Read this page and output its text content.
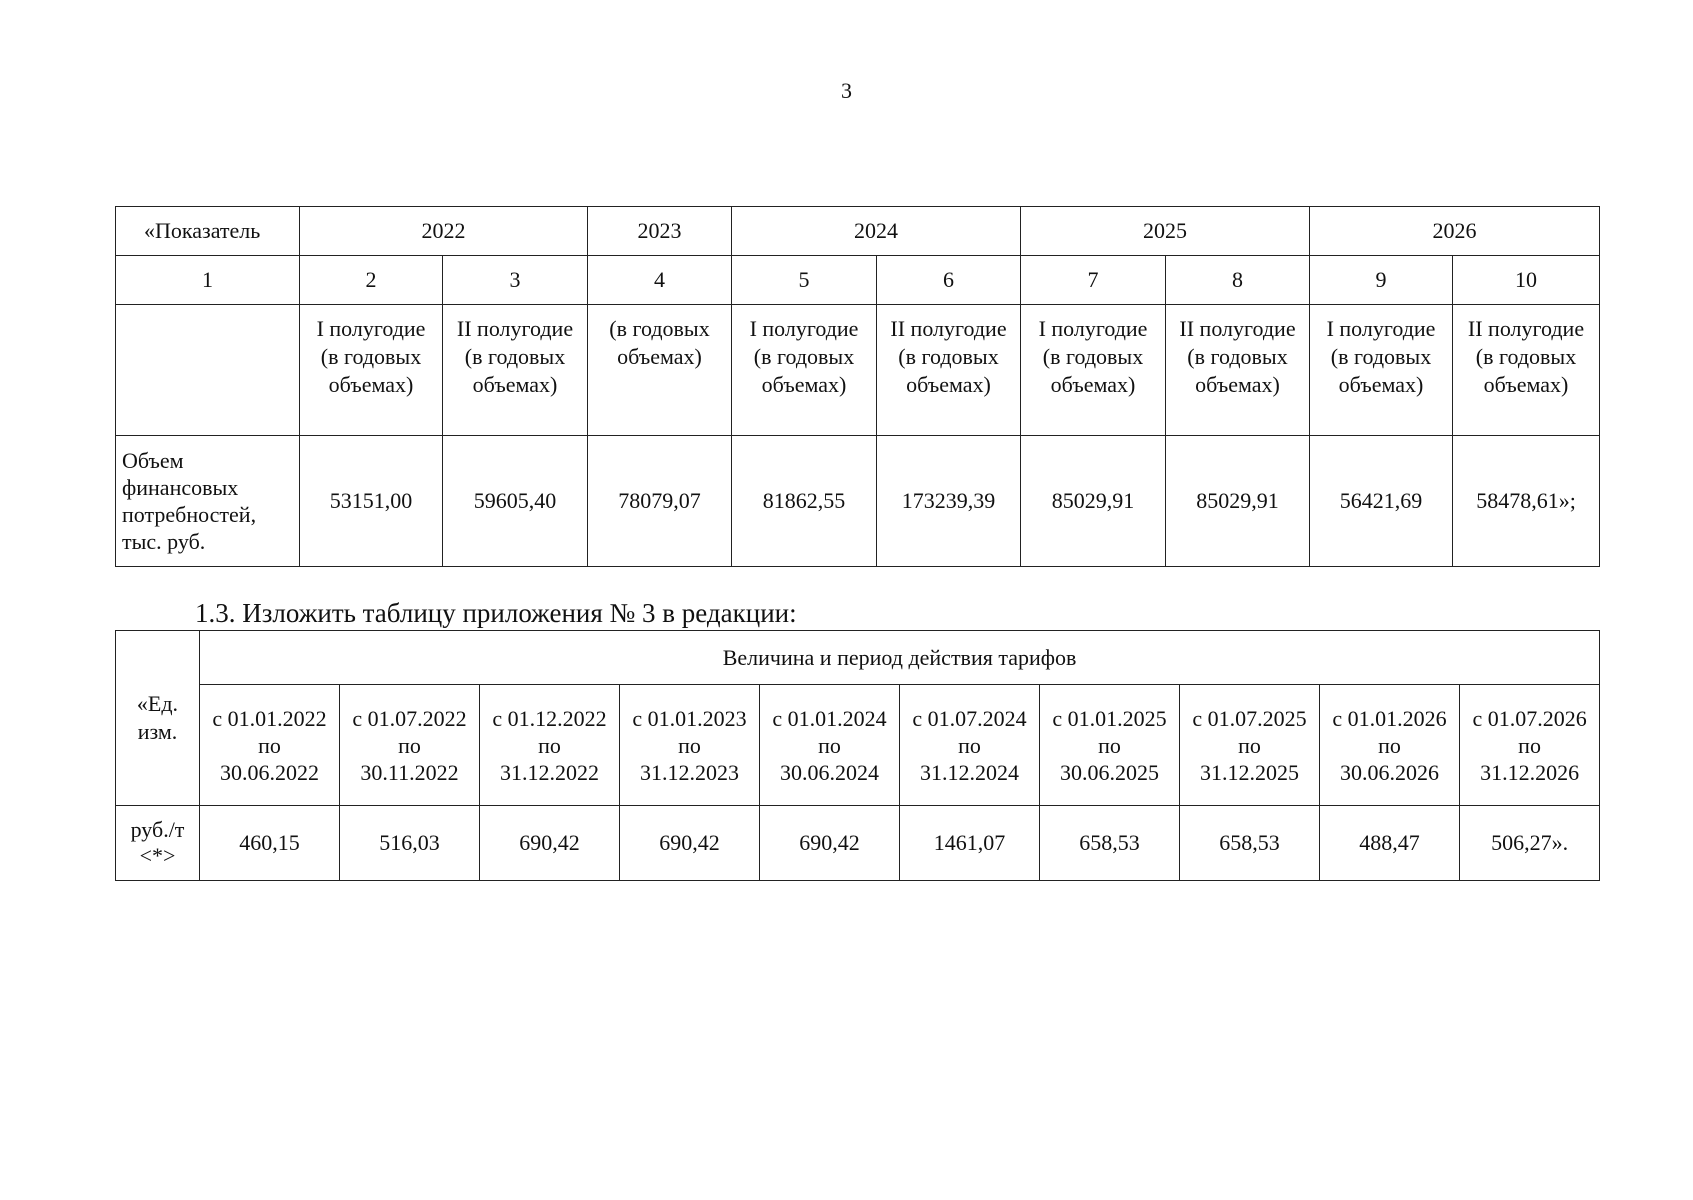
3
«Показатель	2022		2023	2024		2025		2026	
1	2	3	4	5	6	7	8	9	10

	I полугодие
(в годовых
объемах)	II полугодие
(в годовых
объемах)	(в годовых
объемах)	I полугодие
(в годовых
объемах)	II полугодие
(в годовых
объемах)	I полугодие
(в годовых
объемах)	II полугодие
(в годовых
объемах)	I полугодие
(в годовых
объемах)	II полугодие
(в годовых
объемах)

Объем
финансовых
потребностей,
тыс. руб.	53151,00	59605,40	78079,07	81862,55	173239,39	85029,91	85029,91	56421,69	58478,61»;
1.3. Изложить таблицу приложения № 3 в редакции:
«Ед.
изм.	Величина и период действия тарифов									

	с 01.01.2022
по
30.06.2022	с 01.07.2022
по
30.11.2022	с 01.12.2022
по
31.12.2022	с 01.01.2023
по
31.12.2023	с 01.01.2024
по
30.06.2024	с 01.07.2024
по
31.12.2024	с 01.01.2025
по
30.06.2025	с 01.07.2025
по
31.12.2025	с 01.01.2026
по
30.06.2026	с 01.07.2026
по
31.12.2026

руб./т
<*>	460,15	516,03	690,42	690,42	690,42	1461,07	658,53	658,53	488,47	506,27».
